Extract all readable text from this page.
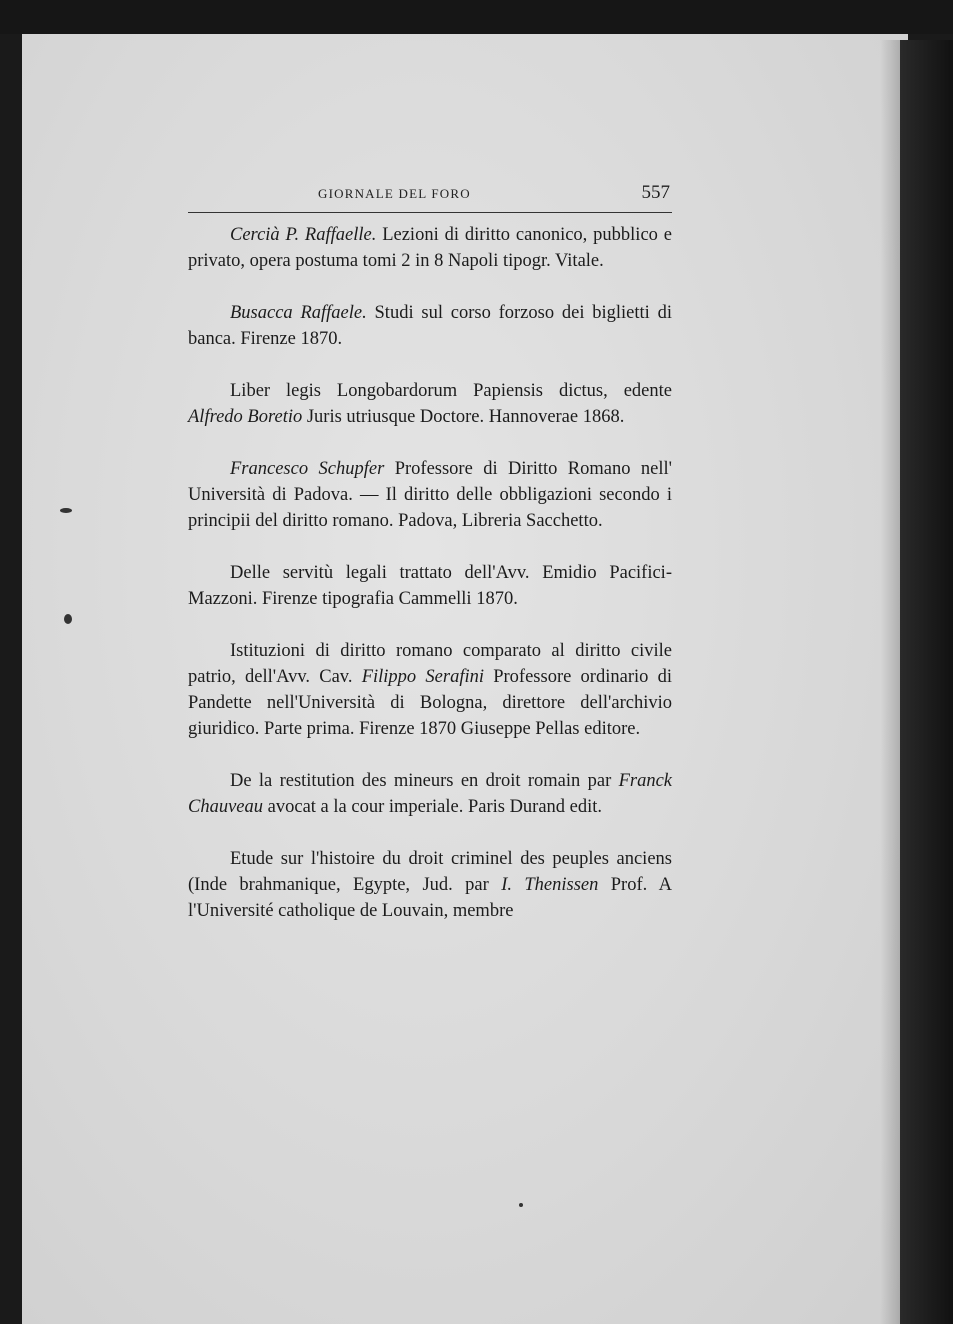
GIORNALE DEL FORO	557

Cercià P. Raffaelle. Lezioni di diritto canonico, pubblico e privato, opera postuma tomi 2 in 8 Napoli tipogr. Vitale.

Busacca Raffaele. Studi sul corso forzoso dei biglietti di banca. Firenze 1870.

Liber legis Longobardorum Papiensis dictus, edente Alfredo Boretio Juris utriusque Doctore. Hannoverae 1868.

Francesco Schupfer Professore di Diritto Romano nell' Università di Padova. — Il diritto delle obbligazioni secondo i principii del diritto romano. Padova, Libreria Sacchetto.

Delle servitù legali trattato dell'Avv. Emidio Pacifici-Mazzoni. Firenze tipografia Cammelli 1870.

Istituzioni di diritto romano comparato al diritto civile patrio, dell'Avv. Cav. Filippo Serafini Professore ordinario di Pandette nell'Università di Bologna, direttore dell'archivio giuridico. Parte prima. Firenze 1870 Giuseppe Pellas editore.

De la restitution des mineurs en droit romain par Franck Chauveau avocat a la cour imperiale. Paris Durand edit.

Etude sur l'histoire du droit criminel des peuples anciens (Inde brahmanique, Egypte, Jud. par I. Thenissen Prof. A l'Université catholique de Louvain, membre
